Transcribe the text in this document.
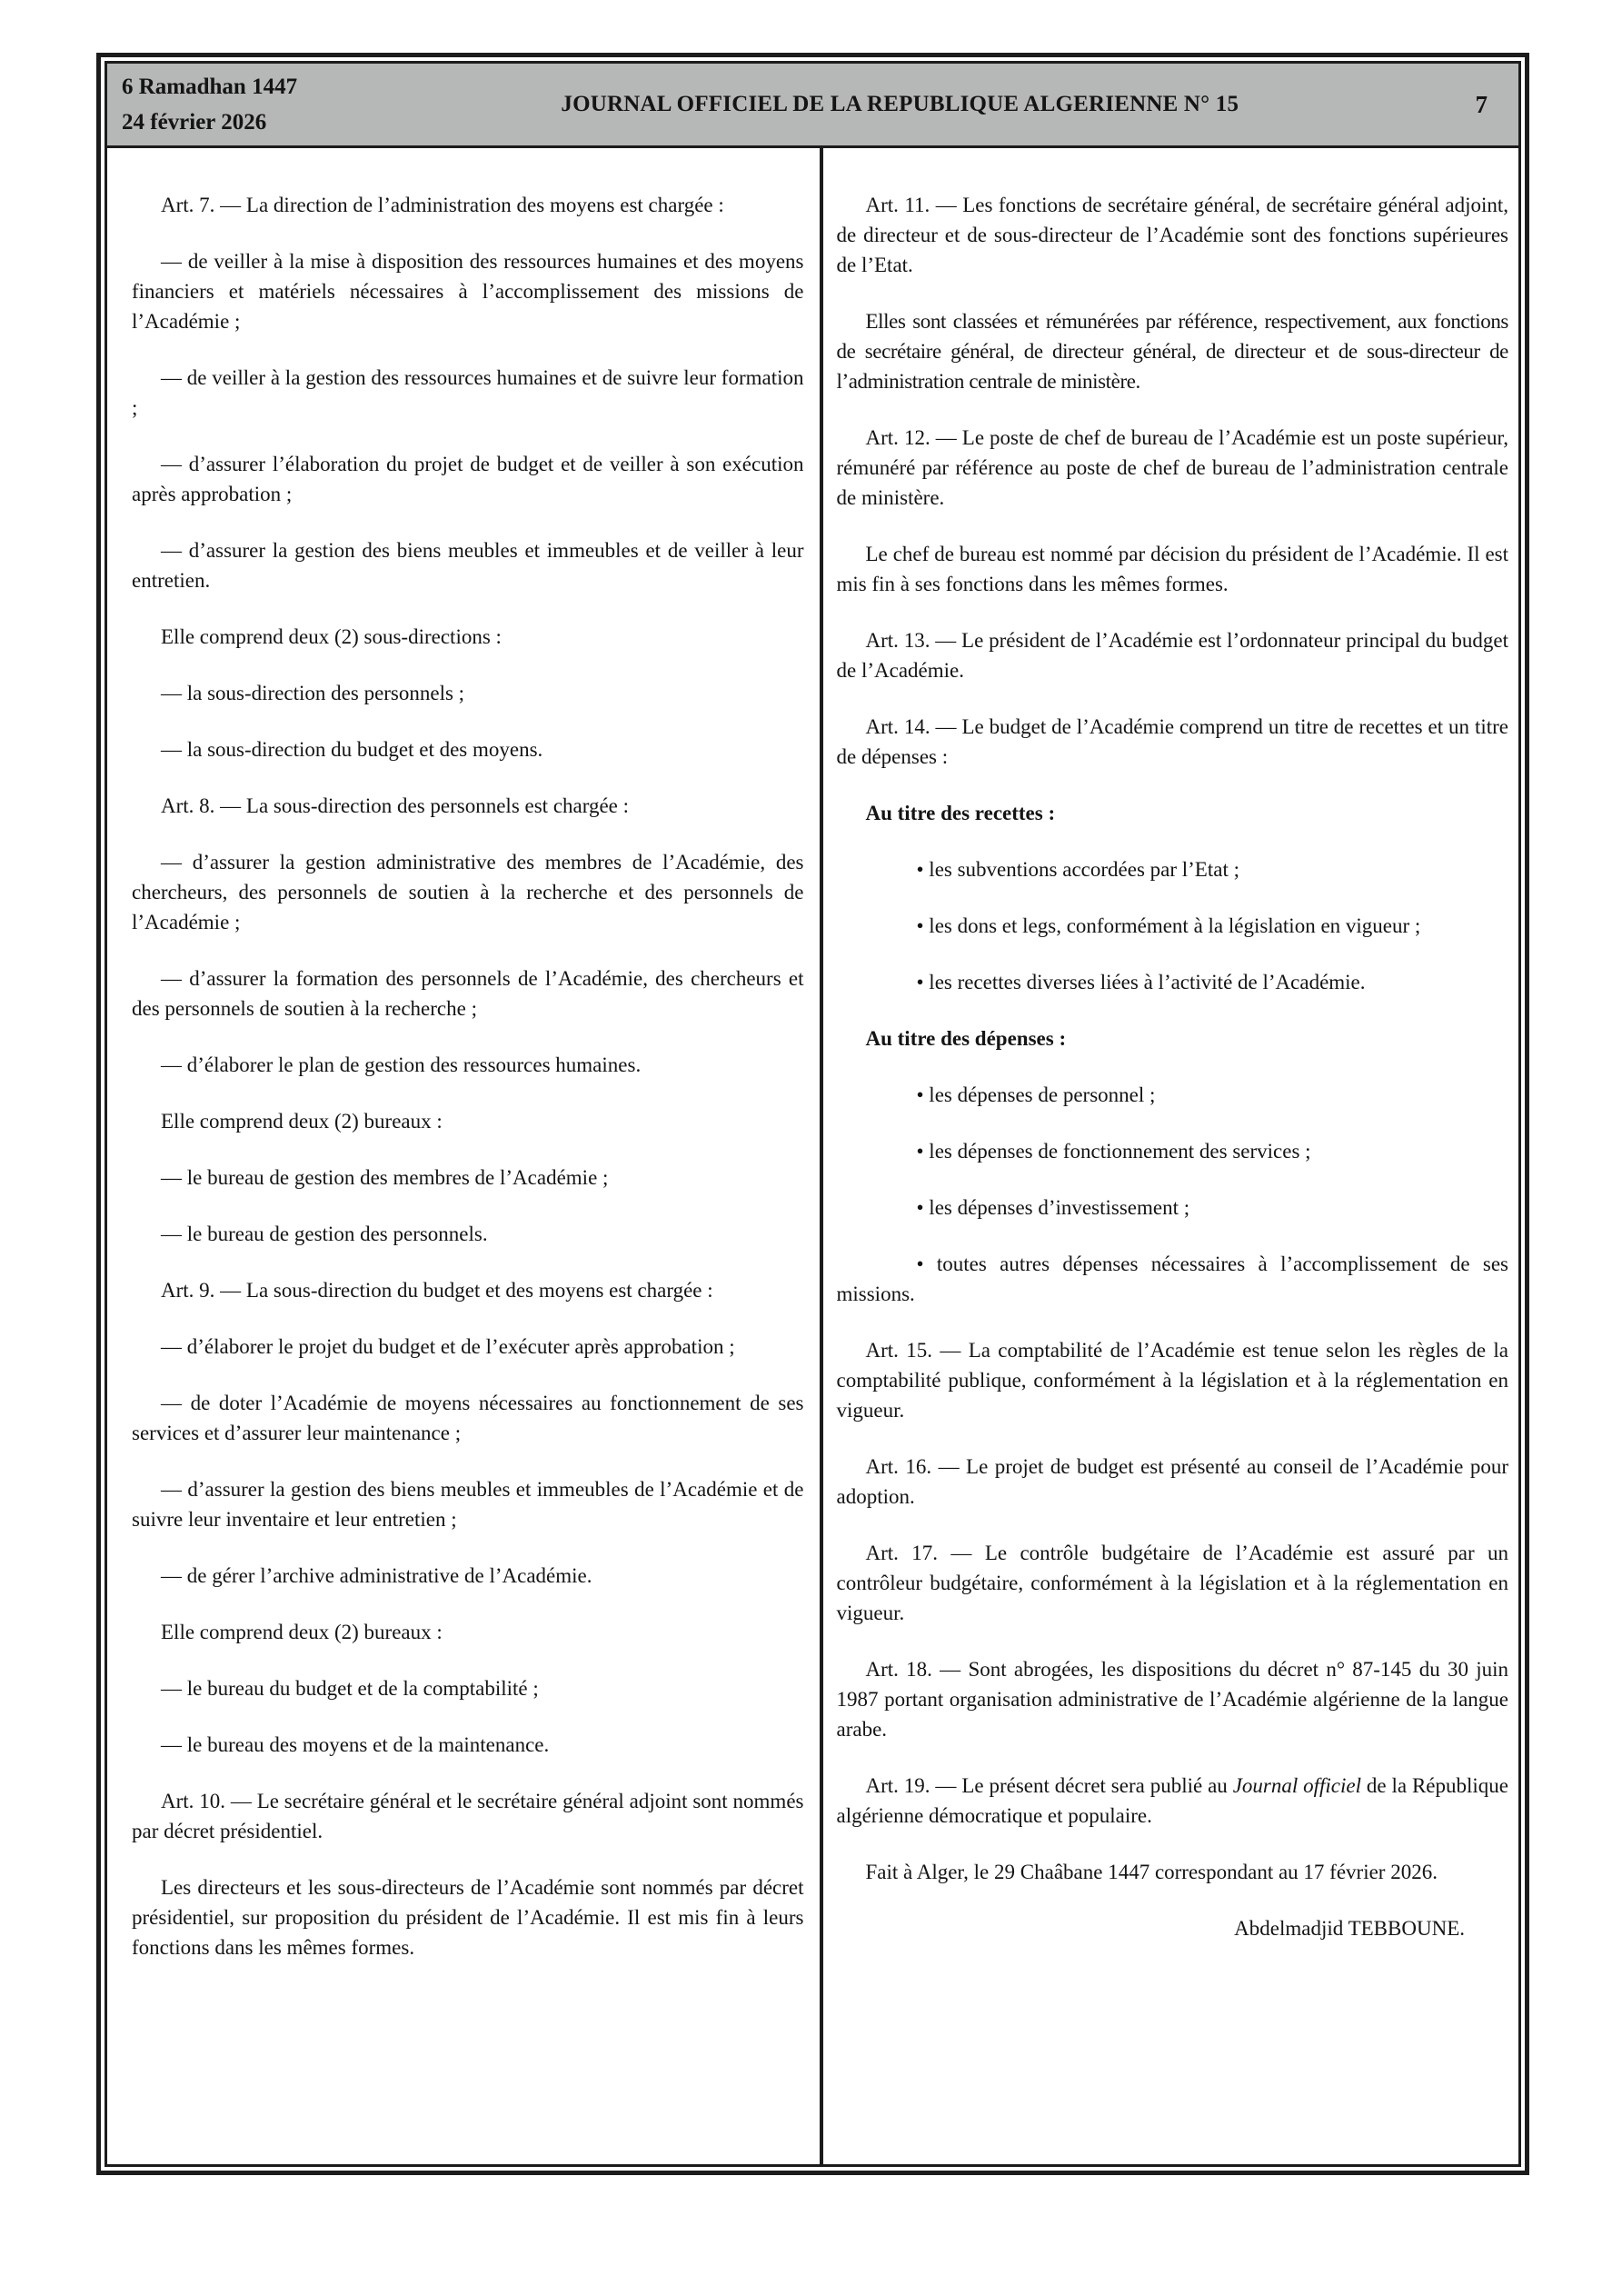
6 Ramadhan 1447
24 février 2026
JOURNAL OFFICIEL DE LA REPUBLIQUE ALGERIENNE N° 15	7

Art. 7. — La direction de l’administration des moyens est chargée :

— de veiller à la mise à disposition des ressources humaines et des moyens financiers et matériels nécessaires à l’accomplissement des missions de l’Académie ;

— de veiller à la gestion des ressources humaines et de suivre leur formation ;

— d’assurer l’élaboration du projet de budget et de veiller à son exécution après approbation ;

— d’assurer la gestion des biens meubles et immeubles et de veiller à leur entretien.

Elle comprend deux (2) sous-directions :

— la sous-direction des personnels ;

— la sous-direction du budget et des moyens.

Art. 8. — La sous-direction des personnels est chargée :

— d’assurer la gestion administrative des membres de l’Académie, des chercheurs, des personnels de soutien à la recherche et des personnels de l’Académie ;

— d’assurer la formation des personnels de l’Académie, des chercheurs et des personnels de soutien à la recherche ;

— d’élaborer le plan de gestion des ressources humaines.

Elle comprend deux (2) bureaux :

— le bureau de gestion des membres de l’Académie ;

— le bureau de gestion des personnels.

Art. 9. — La sous-direction du budget et des moyens est chargée :

— d’élaborer le projet du budget et de l’exécuter après approbation ;

— de doter l’Académie de moyens nécessaires au fonctionnement de ses services et d’assurer leur maintenance ;

— d’assurer la gestion des biens meubles et immeubles de l’Académie et de suivre leur inventaire et leur entretien ;

— de gérer l’archive administrative de l’Académie.

Elle comprend deux (2) bureaux :

— le bureau du budget et de la comptabilité ;

— le bureau des moyens et de la maintenance.

Art. 10. — Le secrétaire général et le secrétaire général adjoint sont nommés par décret présidentiel.

Les directeurs et les sous-directeurs de l’Académie sont nommés par décret présidentiel, sur proposition du président de l’Académie. Il est mis fin à leurs fonctions dans les mêmes formes.

Art. 11. — Les fonctions de secrétaire général, de secrétaire général adjoint, de directeur et de sous-directeur de l’Académie sont des fonctions supérieures de l’Etat.

Elles sont classées et rémunérées par référence, respectivement, aux fonctions de secrétaire général, de directeur général, de directeur et de sous-directeur de l’administration centrale de ministère.

Art. 12. — Le poste de chef de bureau de l’Académie est un poste supérieur, rémunéré par référence au poste de chef de bureau de l’administration centrale de ministère.

Le chef de bureau est nommé par décision du président de l’Académie. Il est mis fin à ses fonctions dans les mêmes formes.

Art. 13. — Le président de l’Académie est l’ordonnateur principal du budget de l’Académie.

Art. 14. — Le budget de l’Académie comprend un titre de recettes et un titre de dépenses :

Au titre des recettes :

• les subventions accordées par l’Etat ;

• les dons et legs, conformément à la législation en vigueur ;

• les recettes diverses liées à l’activité de l’Académie.

Au titre des dépenses :

• les dépenses de personnel ;

• les dépenses de fonctionnement des services ;

• les dépenses d’investissement ;

• toutes autres dépenses nécessaires à l’accomplissement de ses missions.

Art. 15. — La comptabilité de l’Académie est tenue selon les règles de la comptabilité publique, conformément à la législation et à la réglementation en vigueur.

Art. 16. — Le projet de budget est présenté au conseil de l’Académie pour adoption.

Art. 17. — Le contrôle budgétaire de l’Académie est assuré par un contrôleur budgétaire, conformément à la législation et à la réglementation en vigueur.

Art. 18. — Sont abrogées, les dispositions du décret n° 87-145 du 30 juin 1987 portant organisation administrative de l’Académie algérienne de la langue arabe.

Art. 19. — Le présent décret sera publié au Journal officiel de la République algérienne démocratique et populaire.

Fait à Alger, le 29 Chaâbane 1447 correspondant au 17 février 2026.

Abdelmadjid TEBBOUNE.
